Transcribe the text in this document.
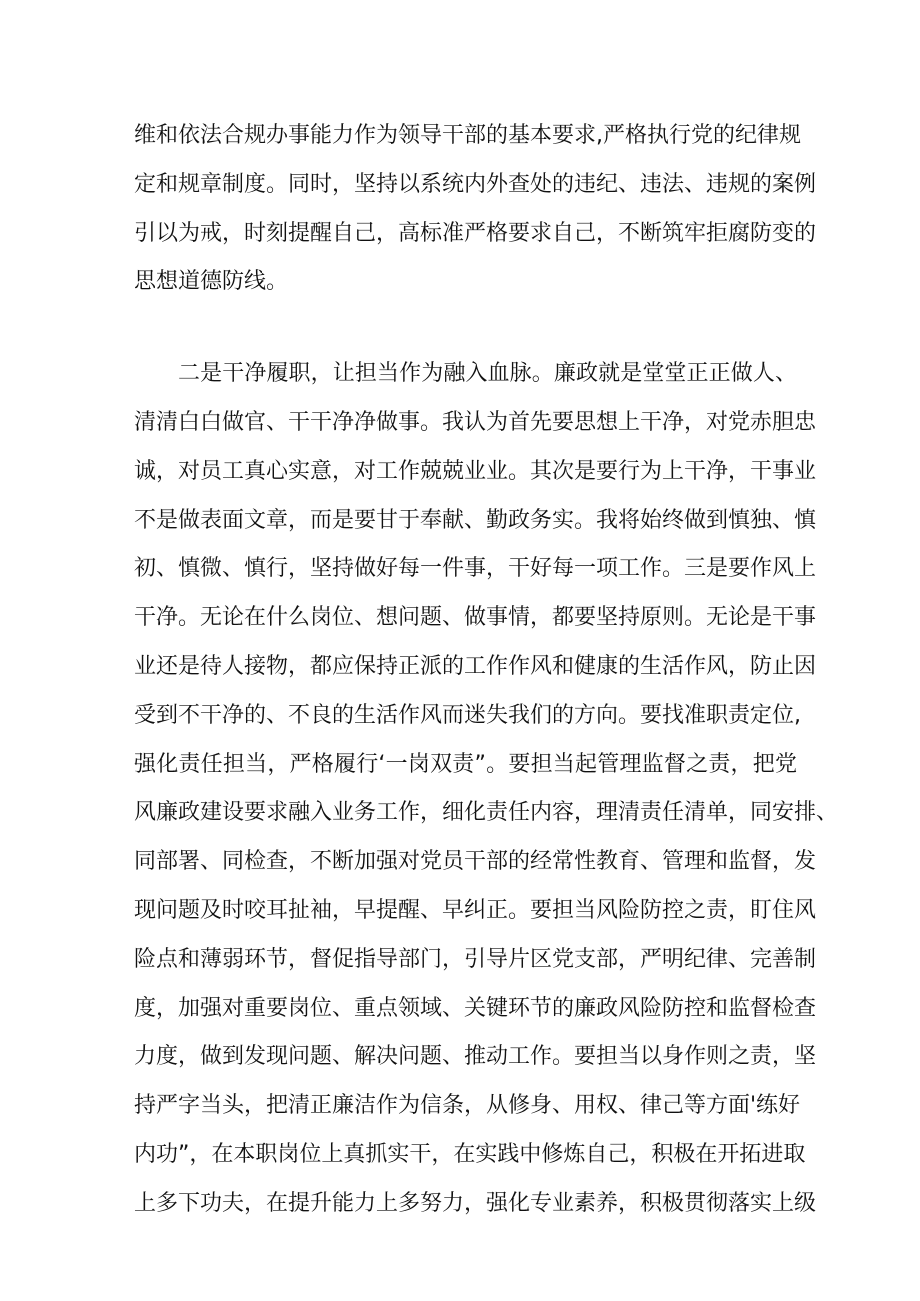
维和依法合规办事能力作为领导干部的基本要求,严格执行党的纪律规
定和规章制度。同时，坚持以系统内外查处的违纪、违法、违规的案例
引以为戒，时刻提醒自己，高标准严格要求自己，不断筑牢拒腐防变的
思想道德防线。
二是干净履职，让担当作为融入血脉。廉政就是堂堂正正做人、
清清白白做官、干干净净做事。我认为首先要思想上干净，对党赤胆忠
诚，对员工真心实意，对工作兢兢业业。其次是要行为上干净，干事业
不是做表面文章，而是要甘于奉献、勤政务实。我将始终做到慎独、慎
初、慎微、慎行，坚持做好每一件事，干好每一项工作。三是要作风上
干净。无论在什么岗位、想问题、做事情，都要坚持原则。无论是干事
业还是待人接物，都应保持正派的工作作风和健康的生活作风，防止因
受到不干净的、不良的生活作风而迷失我们的方向。要找准职责定位,
强化责任担当，严格履行‘一岗双责”。要担当起管理监督之责，把党
风廉政建设要求融入业务工作，细化责任内容，理清责任清单，同安排、
同部署、同检查，不断加强对党员干部的经常性教育、管理和监督，发
现问题及时咬耳扯袖，早提醒、早纠正。要担当风险防控之责，盯住风
险点和薄弱环节，督促指导部门，引导片区党支部，严明纪律、完善制
度，加强对重要岗位、重点领域、关键环节的廉政风险防控和监督检查
力度，做到发现问题、解决问题、推动工作。要担当以身作则之责，坚
持严字当头，把清正廉洁作为信条，从修身、用权、律己等方面'练好
内功”，在本职岗位上真抓实干，在实践中修炼自己，积极在开拓进取
上多下功夫，在提升能力上多努力，强化专业素养，积极贯彻落实上级
